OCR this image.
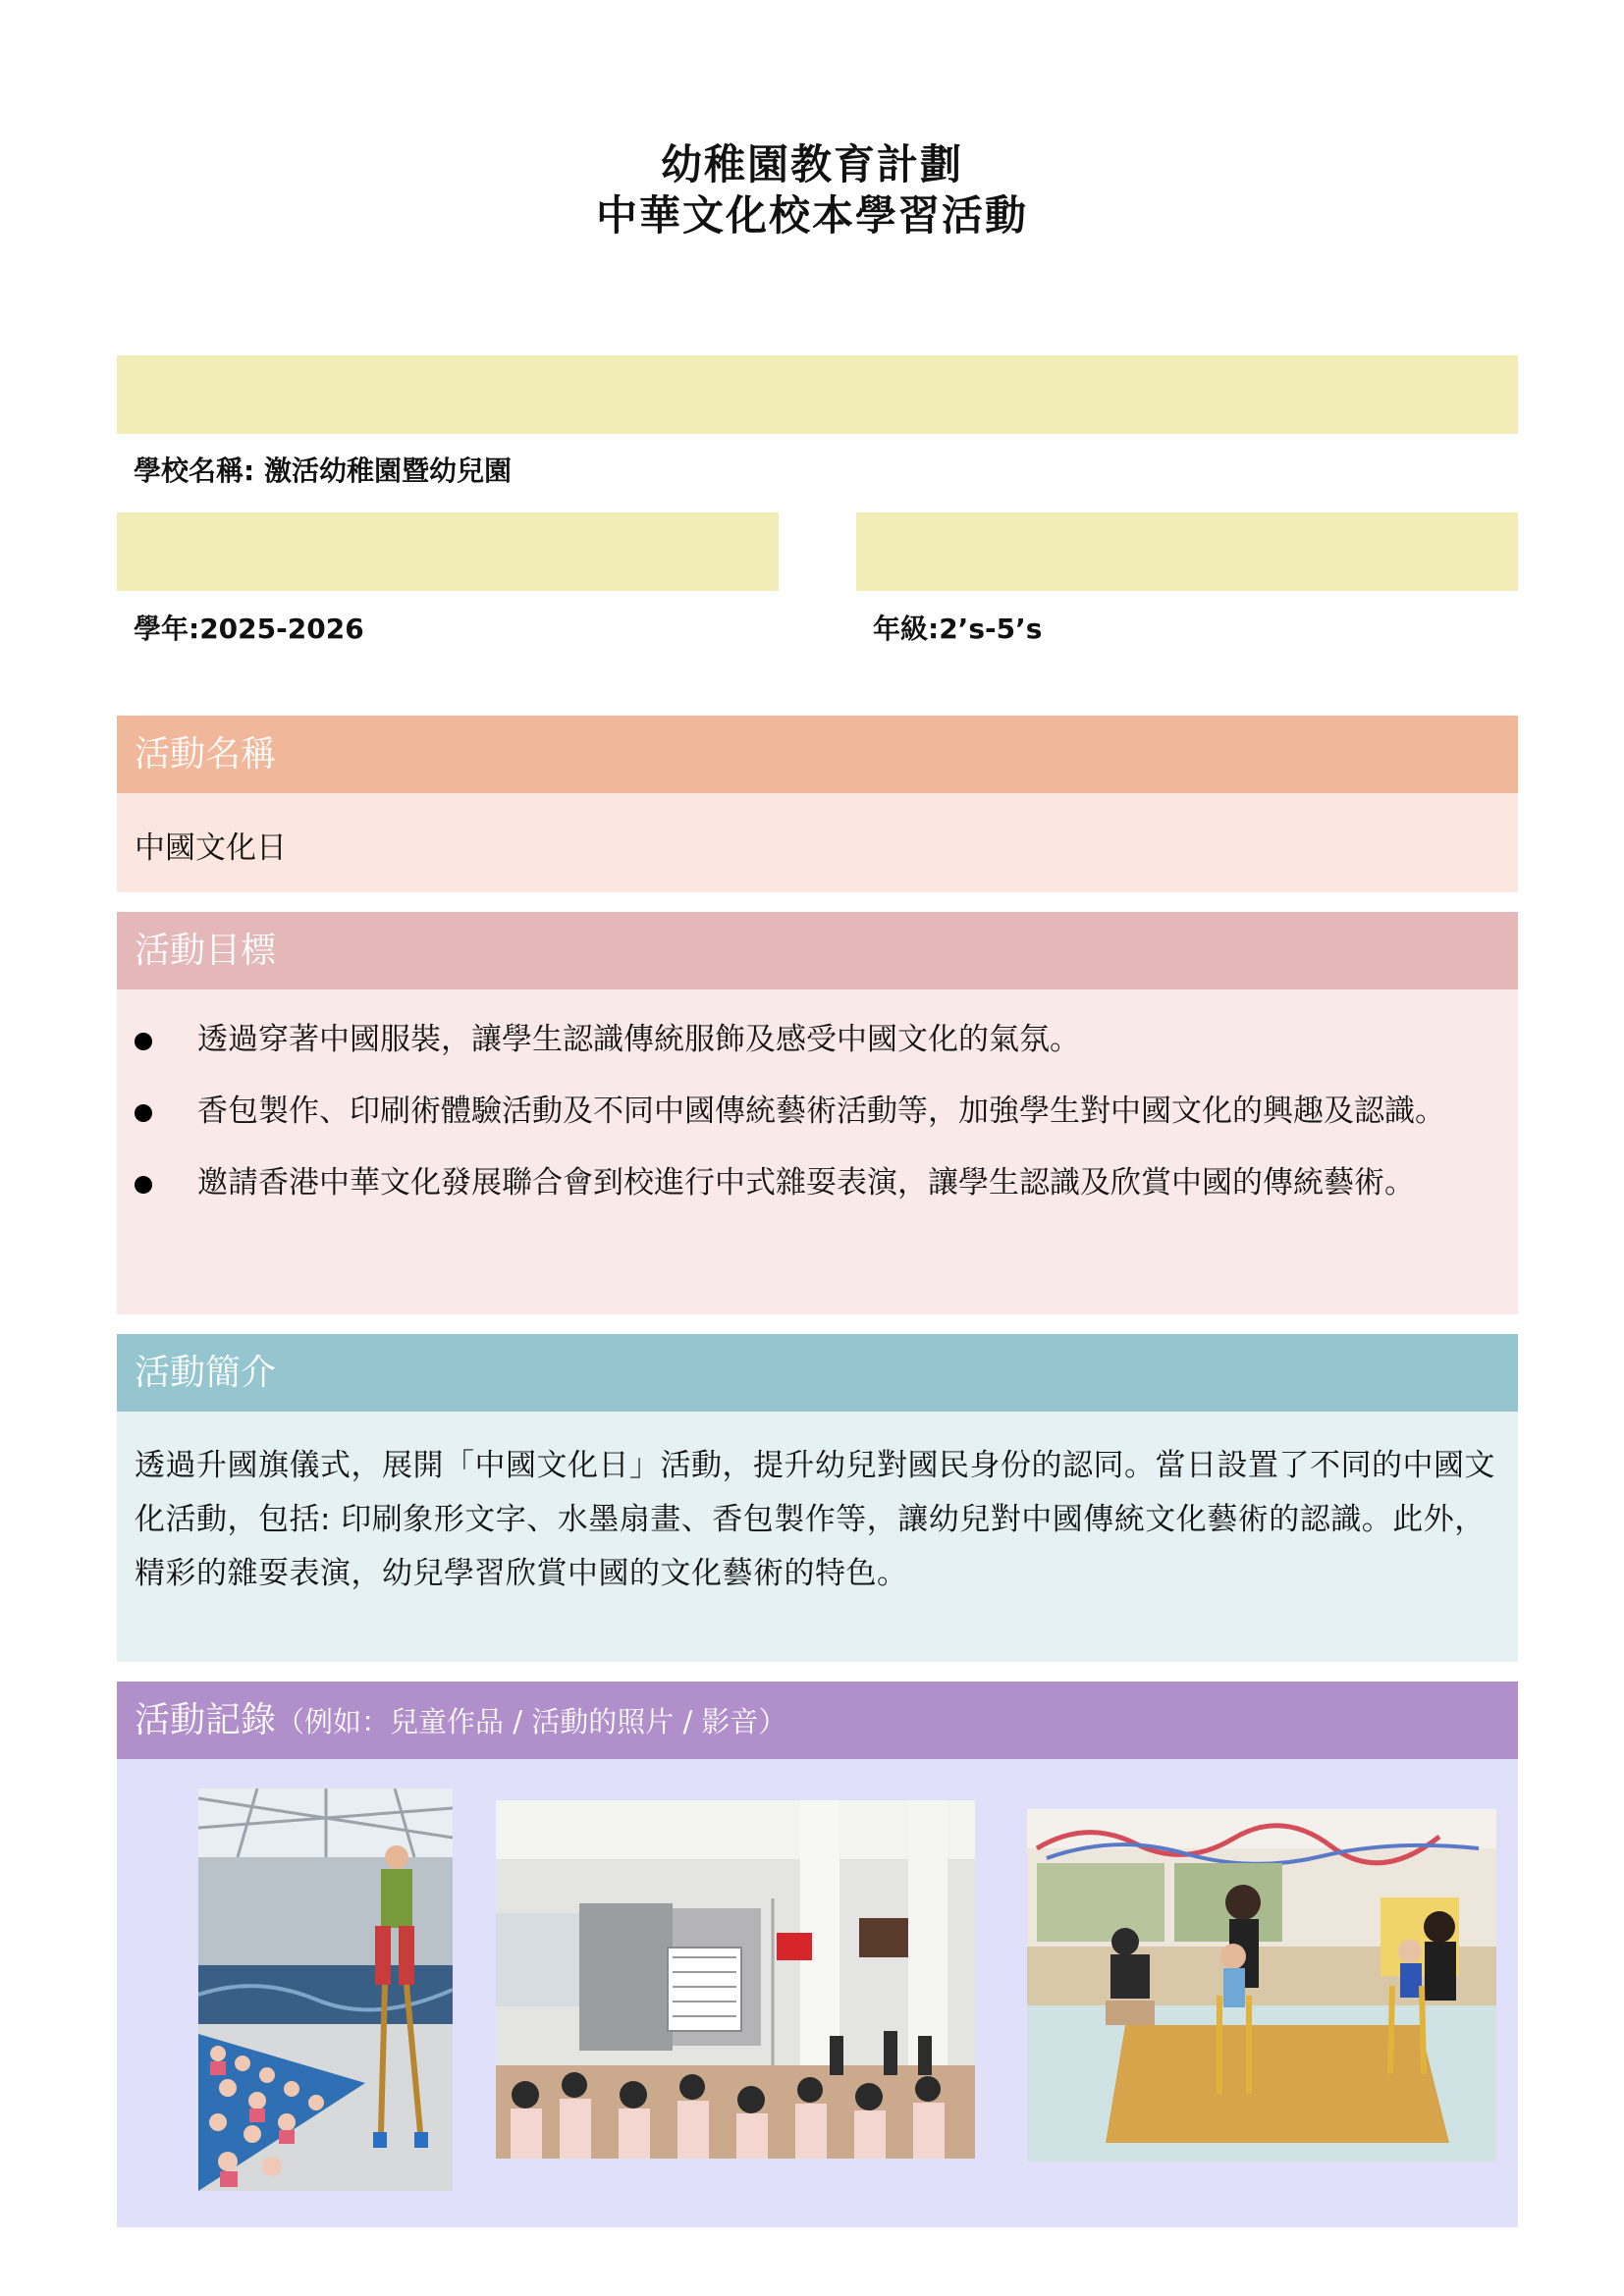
幼稚園教育計劃
中華文化校本學習活動
學校名稱: 激活幼稚園暨幼兒園
學年:2025-2026	年級:2’s-5’s
活動名稱
中國文化日
活動目標
透過穿著中國服裝，讓學生認識傳統服飾及感受中國文化的氣氛。
香包製作、印刷術體驗活動及不同中國傳統藝術活動等，加強學生對中國文化的興趣及認識。
邀請香港中華文化發展聯合會到校進行中式雜耍表演，讓學生認識及欣賞中國的傳統藝術。
活動簡介
透過升國旗儀式，展開「中國文化日」活動，提升幼兒對國民身份的認同。當日設置了不同的中國文化活動，包括: 印刷象形文字、水墨扇畫、香包製作等，讓幼兒對中國傳統文化藝術的認識。此外，精彩的雜耍表演，幼兒學習欣賞中國的文化藝術的特色。
活動記錄（例如：兒童作品 / 活動的照片 / 影音）
